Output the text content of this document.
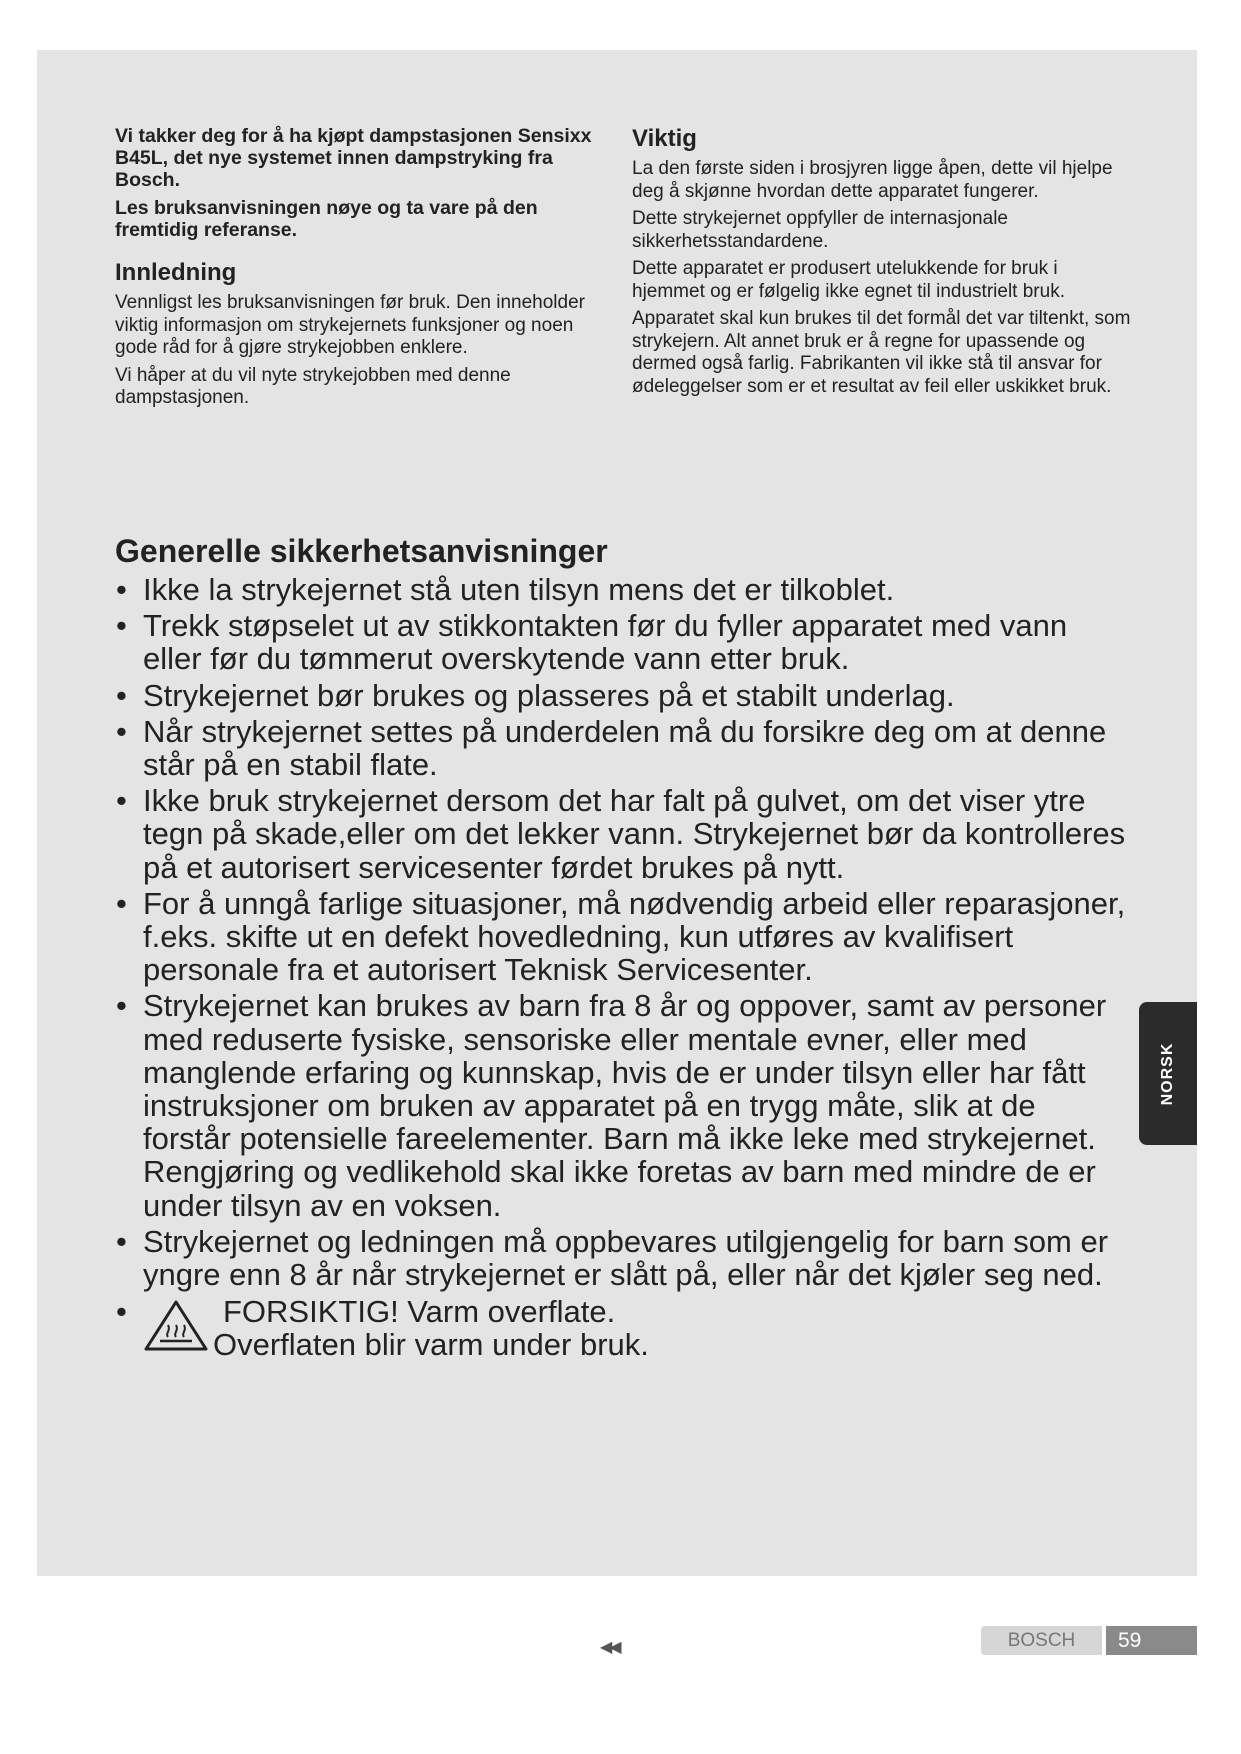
Vi takker deg for å ha kjøpt dampstasjonen Sensixx B45L, det nye systemet innen dampstryking fra Bosch.

Les bruksanvisningen nøye og ta vare på den fremtidig referanse.

Innledning

Vennligst les bruksanvisningen før bruk. Den inneholder viktig informasjon om strykejernets funksjoner og noen gode råd for å gjøre strykejobben enklere.

Vi håper at du vil nyte strykejobben med denne dampstasjonen.

Viktig

La den første siden i brosjyren ligge åpen, dette vil hjelpe deg å skjønne hvordan dette apparatet fungerer.

Dette strykejernet oppfyller de internasjonale sikkerhetsstandardene.

Dette apparatet er produsert utelukkende for bruk i hjemmet og er følgelig ikke egnet til industrielt bruk.

Apparatet skal kun brukes til det formål det var tiltenkt, som strykejern. Alt annet bruk er å regne for upassende og dermed også farlig. Fabrikanten vil ikke stå til ansvar for ødeleggelser som er et resultat av feil eller uskikket bruk.

Generelle sikkerhetsanvisninger
• Ikke la strykejernet stå uten tilsyn mens det er tilkoblet.
• Trekk støpselet ut av stikkontakten før du fyller apparatet med vann eller før du tømmerut overskytende vann etter bruk.
• Strykejernet bør brukes og plasseres på et stabilt underlag.
• Når strykejernet settes på underdelen må du forsikre deg om at denne står på en stabil flate.
• Ikke bruk strykejernet dersom det har falt på gulvet, om det viser ytre tegn på skade,eller om det lekker vann. Strykejernet bør da kontrolleres på et autorisert servicesenter førdet brukes på nytt.
• For å unngå farlige situasjoner, må nødvendig arbeid eller reparasjoner, f.eks. skifte ut en defekt hovedledning, kun utføres av kvalifisert personale fra et autorisert Teknisk Servicesenter.
• Strykejernet kan brukes av barn fra 8 år og oppover, samt av personer med reduserte fysiske, sensoriske eller mentale evner, eller med manglende erfaring og kunnskap, hvis de er under tilsyn eller har fått instruksjoner om bruken av apparatet på en trygg måte, slik at de forstår potensielle fareelementer. Barn må ikke leke med strykejernet. Rengjøring og vedlikehold skal ikke foretas av barn med mindre de er under tilsyn av en voksen.
• Strykejernet og ledningen må oppbevares utilgjengelig for barn som er yngre enn 8 år når strykejernet er slått på, eller når det kjøler seg ned.
•	FORSIKTIG! Varm overflate.
Overflaten blir varm under bruk.
NORSK
◀◀	BOSCH	59
